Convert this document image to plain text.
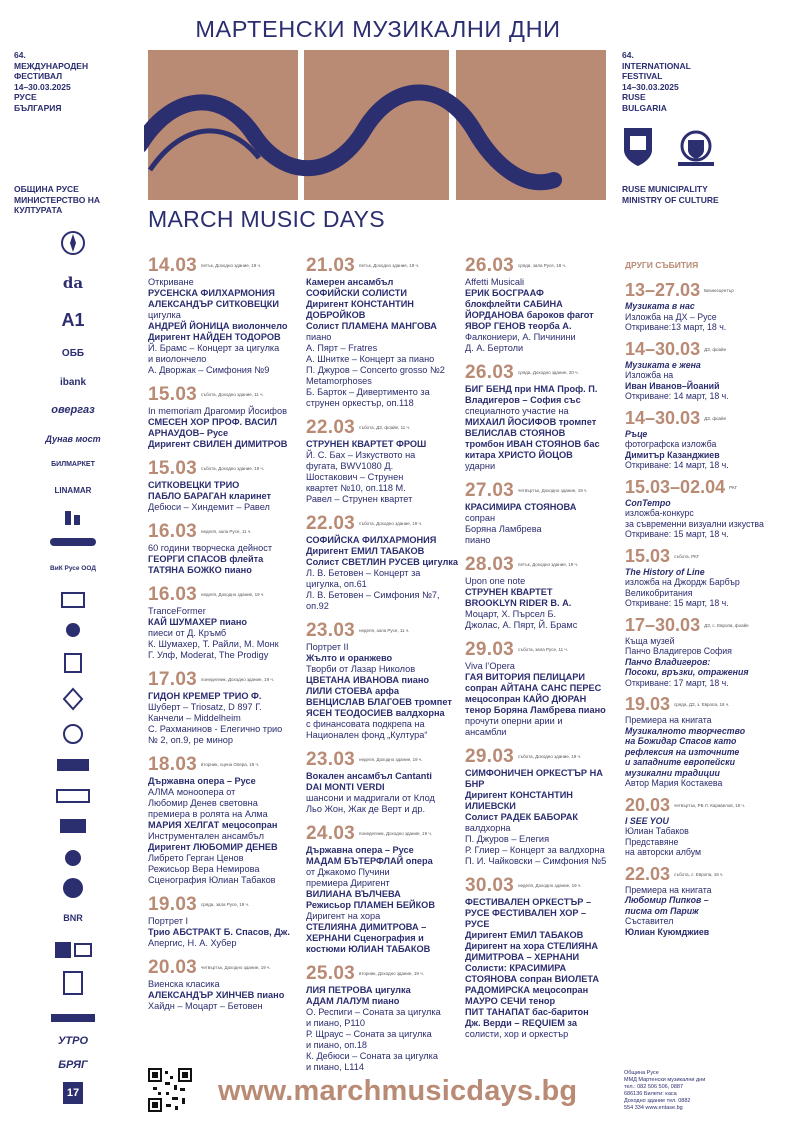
МАРТЕНСКИ МУЗИКАЛНИ ДНИ
MARCH MUSIC DAYS
64.
МЕЖДУНАРОДЕН
ФЕСТИВАЛ
14–30.03.2025
РУСЕ
БЪЛГАРИЯ
64.
INTERNATIONAL
FESTIVAL
14–30.03.2025
RUSE
BULGARIA
ОБЩИНА РУСЕ
МИНИСТЕРСТВО НА
КУЛТУРАТА
RUSE MUNICIPALITY
MINISTRY OF CULTURE
da
A1
ОББ
ibank
овергаз
Дунав мост
БИЛМАРКЕТ
LINAMAR
ВиК Русе ООД
BNR
УТРО
БРЯГ
17
14.03 петък, Доходно здание, 19 ч.
Откриване
РУСЕНСКА ФИЛХАРМОНИЯ
АЛЕКСАНДЪР СИТКОВЕЦКИ
цигулка
АНДРЕЙ ЙОНИЦА виолончело
Диригент НАЙДЕН ТОДОРОВ
Й. Брамс – Концерт за цигулка
и виолончело
А. Дворжак – Симфония №9
15.03 събота, Доходно здание, 11 ч.
In memoriam Драгомир Йосифов
СМЕСЕН ХОР ПРОФ. ВАСИЛ
АРНАУДОВ– Русе
Диригент СВИЛЕН ДИМИТРОВ
15.03 събота, Доходно здание, 19 ч.
СИТКОВЕЦКИ ТРИО
ПАБЛО БАРАГАН кларинет
Дебюси – Хиндемит – Равел
16.03 неделя, зала Русе, 11 ч.
60 години творческа дейност
ГЕОРГИ СПАСОВ флейта
ТАТЯНА БОЖКО пиано
16.03 неделя, Доходно здание, 19 ч.
TranceFormer
КАЙ ШУМАХЕР пиано
пиеси от Д. Кръмб
К. Шумахер, Т. Райли, М. Монк
Г. Улф, Moderat, The Prodigy
17.03 понеделник, Доходно здание, 19 ч.
ГИДОН КРЕМЕР ТРИО Ф.
Шуберт – Triosatz, D 897 Г.
Канчели – Middelheim
С. Рахманинов - Елегично трио
№ 2, оп.9, ре минор
18.03 вторник, сцена Опера, 19 ч.
Държавна опера – Русе
АЛМА моноопера от
Любомир Денев световна
премиера в ролята на Алма
МАРИЯ ХЕЛГАТ мецосопран
Инструментален ансамбъл
Диригент ЛЮБОМИР ДЕНЕВ
Либрето Герган Ценов
Режисьор Вера Немирова
Сценография Юлиан Табаков
19.03 сряда, зала Русе, 19 ч.
Портрет I
Трио АБСТРАКТ Б. Спасов, Дж.
Апергис, Н. А. Хубер
20.03 четвъртък, Доходно здание, 19 ч.
Виенска класика
АЛЕКСАНДЪР ХИНЧЕВ пиано
Хайдн – Моцарт – Бетовен
21.03 петък, Доходно здание, 19 ч.
Камерен ансамбъл
СОФИЙСКИ СОЛИСТИ
Диригент КОНСТАНТИН
ДОБРОЙКОВ
Солист ПЛАМЕНА МАНГОВА
пиано
А. Пярт – Fratres
А. Шнитке – Концерт за пиано
П. Джуров – Concerto grosso №2
Metamorphoses
Б. Барток – Дивертименто за
струнен оркестър, оп.118
22.03 събота, ДЗ, фоайе, 11 ч.
СТРУНЕН КВАРТЕТ ФРОШ
Й. С. Бах – Изкуството на
фугата, BWV1080 Д.
Шостакович – Струнен
квартет №10, оп.118 М.
Равел – Струнен квартет
22.03 събота, Доходно здание, 19 ч.
СОФИЙСКА ФИЛХАРМОНИЯ
Диригент ЕМИЛ ТАБАКОВ
Солист СВЕТЛИН РУСЕВ цигулка
Л. В. Бетовен – Концерт за
цигулка, оп.61
Л. В. Бетовен – Симфония №7,
оп.92
23.03 неделя, зала Русе, 11 ч.
Портрет II
Жълто и оранжево
Творби от Лазар Николов
ЦВЕТАНА ИВАНОВА пиано
ЛИЛИ СТОЕВА арфа
ВЕНЦИСЛАВ БЛАГОЕВ тромпет
ЯСЕН ТЕОДОСИЕВ валдхорна
с финансовата подкрепа на
Национален фонд „Култура“
23.03 неделя, Доходно здание, 19 ч.
Вокален ансамбъл Cantanti
DAI MONTI VERDI
шансони и мадригали от Клод
Льо Жон, Жак де Верт и др.
24.03 понеделник, Доходно здание, 19 ч.
Държавна опера – Русе
МАДАМ БЪТЕРФЛАЙ опера
от Джакомо Пучини
премиера Диригент
ВИЛИАНА ВЪЛЧЕВА
Режисьор ПЛАМЕН БЕЙКОВ
Диригент на хора
СТЕЛИЯНА ДИМИТРОВА –
ХЕРНАНИ Сценография и
костюми ЮЛИАН ТАБАКОВ
25.03 вторник, Доходно здание, 19 ч.
ЛИЯ ПЕТРОВА цигулка
АДАМ ЛАЛУМ пиано
О. Респиги – Соната за цигулка
и пиано, P110
Р. Щраус – Соната за цигулка
и пиано, оп.18
К. Дебюси – Соната за цигулка
и пиано, L114
26.03 сряда, зала Русе, 18 ч.
Affetti Musicali
ЕРИК БОСГРААФ
блокфлейти САБИНА
ЙОРДАНОВА бароков фагот
ЯВОР ГЕНОВ теорба А.
Фалкониери, А. Пичинини
Д. А. Бертоли
26.03 сряда, Доходно здание, 20 ч.
БИГ БЕНД при НМА Проф. П.
Владигеров – София със
специалното участие на
МИХАИЛ ЙОСИФОВ тромпет
ВЕЛИСЛАВ СТОЯНОВ
тромбон ИВАН СТОЯНОВ бас
китара ХРИСТО ЙОЦОВ
ударни
27.03 четвъртък, Доходно здание, 19 ч.
КРАСИМИРА СТОЯНОВА
сопран
Боряна Ламбрева
пиано
28.03 петък, Доходно здание, 19 ч.
Upon one note
СТРУНЕН КВАРТЕТ
BROOKLYN RIDER В. А.
Моцарт, Х. Пърсел Б.
Джолас, А. Пярт, Й. Брамс
29.03 събота, зала Русе, 11 ч.
Viva l’Opera
ГАЯ ВИТОРИЯ ПЕЛИЦАРИ
сопран АЙТАНА САНС ПЕРЕС
мецосопран КАЙО ДЮРАН
тенор Боряна Ламбрева пиано
прочути оперни арии и
ансамбли
29.03 събота, Доходно здание, 19 ч.
СИМФОНИЧЕН ОРКЕСТЪР НА
БНР
Диригент КОНСТАНТИН
ИЛИЕВСКИ
Солист РАДЕК БАБОРАК
валдхорна
П. Джуров – Елегия
Р. Глиер – Концерт за валдхорна
П. И. Чайковски – Симфония №5
30.03 неделя, Доходно здание, 19 ч.
ФЕСТИВАЛЕН ОРКЕСТЪР –
РУСЕ ФЕСТИВАЛЕН ХОР –
РУСЕ
Диригент ЕМИЛ ТАБАКОВ
Диригент на хора СТЕЛИЯНА
ДИМИТРОВА – ХЕРНАНИ
Солисти: КРАСИМИРА
СТОЯНОВА сопран ВИОЛЕТА
РАДОМИРСКА мецосопран
МАУРО СЕЧИ тенор
ПИТ ТАНАПАТ бас-баритон
Дж. Верди – REQUIEM за
солисти, хор и оркестър
ДРУГИ СЪБИТИЯ
13–27.03 Бизнесцентър
Музиката в нас
Изложба на ДХ – Русе
Откриване:13 март, 18 ч.
14–30.03 ДЗ, фоайе
Музиката е жена
Изложба на
Иван Иванов–Йоаний
Откриване: 14 март, 18 ч.
14–30.03 ДЗ, фоайе
Ръце
фотографска изложба
Димитър Казанджиев
Откриване: 14 март, 18 ч.
15.03–02.04 РКГ
ConTempo
изложба-конкурс
за съвременни визуални изкуства
Откриване: 15 март, 18 ч.
15.03 събота, РКГ
The History of Line
изложба на Джордж Барбър
Великобритания
Откриване: 15 март, 18 ч.
17–30.03 ДЗ, с. Европа, фоайе
Къща музей
Панчо Владигеров София
Панчо Владигеров:
Посоки, връзки, отражения
Откриване: 17 март, 18 ч.
19.03 сряда, ДЗ, з. Европа, 18 ч.
Премиера на книгата
Музикалното творчество
на Божидар Спасов като
рефлексия на източните
и западните европейски
музикални традиции
Автор Мария Костакева
20.03 четвъртък, РБ Л. Каравелов, 18 ч.
I SEE YOU
Юлиан Табаков
Представяне
на авторски албум
22.03 събота, с. Европа, 18 ч.
Премиера на книгата
Любомир Пипков –
писма от Париж
Съставител
Юлиан Куюмджиев
www.marchmusicdays.bg
Община Русе
ММД Мартенски музикални дни
тел.: 082 506 506, 0887
686136 Билети: каса
Доходно здание тел. 0882
554 334 www.entase.bg
